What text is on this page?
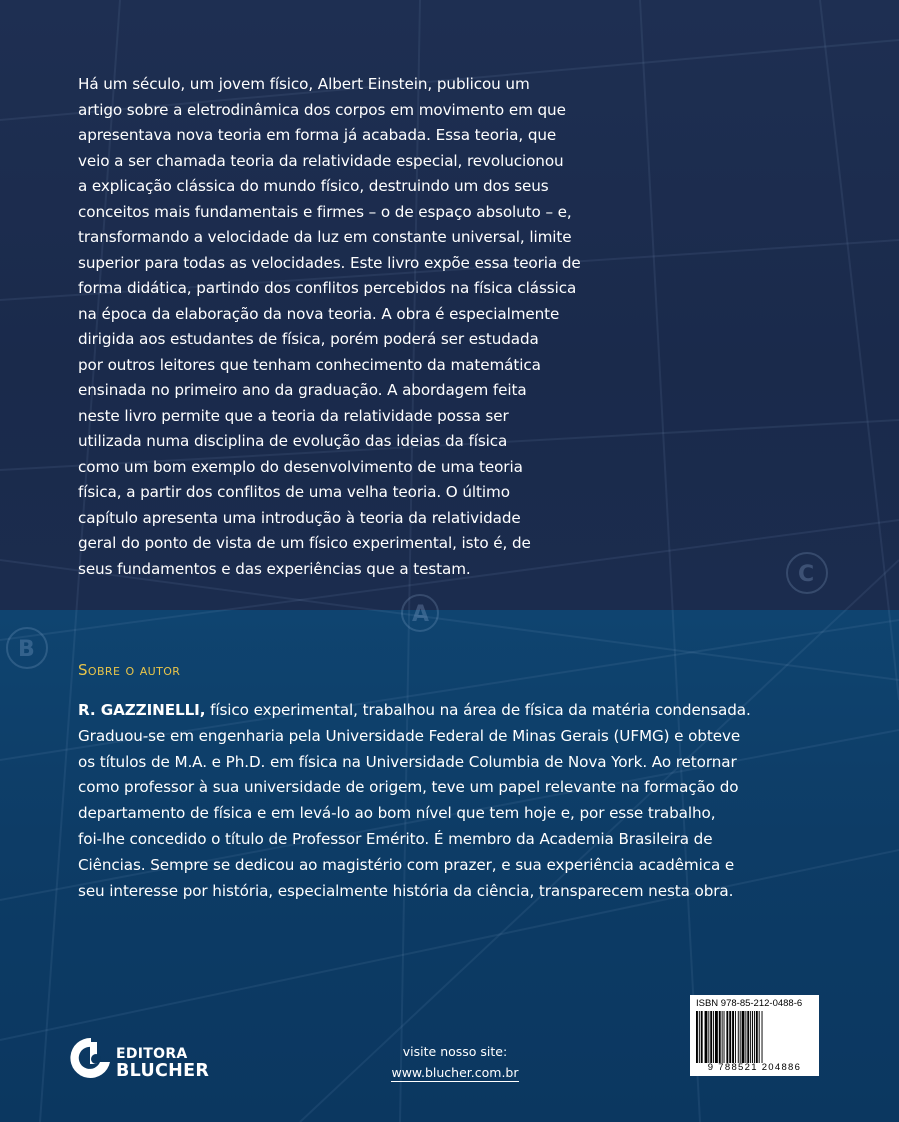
A
B
C
Há um século, um jovem físico, Albert Einstein, publicou um
artigo sobre a eletrodinâmica dos corpos em movimento em que
apresentava nova teoria em forma já acabada. Essa teoria, que
veio a ser chamada teoria da relatividade especial, revolucionou
a explicação clássica do mundo físico, destruindo um dos seus
conceitos mais fundamentais e firmes – o de espaço absoluto – e,
transformando a velocidade da luz em constante universal, limite
superior para todas as velocidades. Este livro expõe essa teoria de
forma didática, partindo dos conflitos percebidos na física clássica
na época da elaboração da nova teoria. A obra é especialmente
dirigida aos estudantes de física, porém poderá ser estudada
por outros leitores que tenham conhecimento da matemática
ensinada no primeiro ano da graduação. A abordagem feita
neste livro permite que a teoria da relatividade possa ser
utilizada numa disciplina de evolução das ideias da física
como um bom exemplo do desenvolvimento de uma teoria
física, a partir dos conflitos de uma velha teoria. O último
capítulo apresenta uma introdução à teoria da relatividade
geral do ponto de vista de um físico experimental, isto é, de
seus fundamentos e das experiências que a testam.
Sobre o autor
R. GAZZINELLI, físico experimental, trabalhou na área de física da matéria condensada.
Graduou-se em engenharia pela Universidade Federal de Minas Gerais (UFMG) e obteve
os títulos de M.A. e Ph.D. em física na Universidade Columbia de Nova York. Ao retornar
como professor à sua universidade de origem, teve um papel relevante na formação do
departamento de física e em levá-lo ao bom nível que tem hoje e, por esse trabalho,
foi-lhe concedido o título de Professor Emérito. É membro da Academia Brasileira de
Ciências. Sempre se dedicou ao magistério com prazer, e sua experiência acadêmica e
seu interesse por história, especialmente história da ciência, transparecem nesta obra.
EDITORA
BLUCHER
visite nosso site:
www.blucher.com.br
ISBN 978-85-212-0488-6
9 788521 204886
